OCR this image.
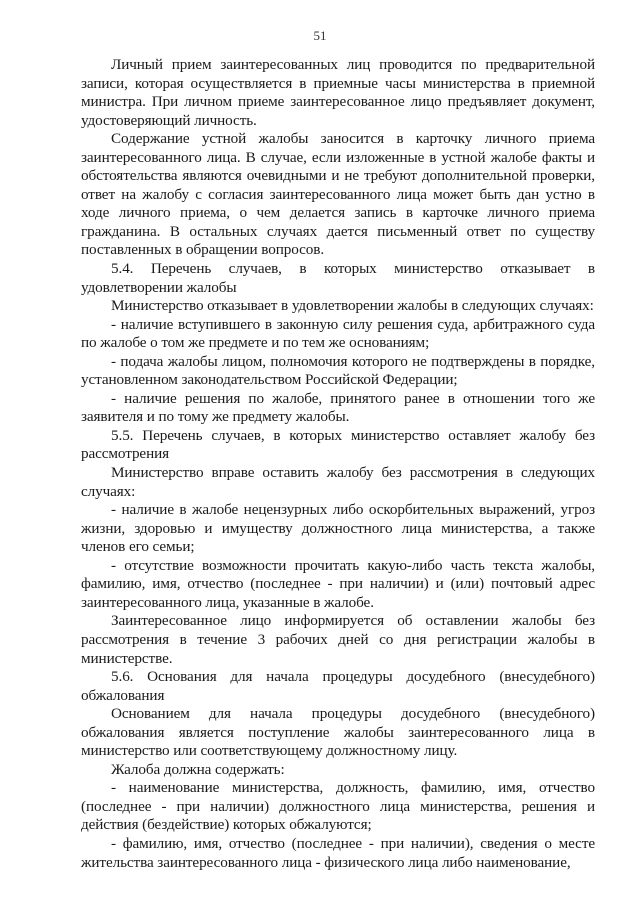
51

Личный прием заинтересованных лиц проводится по предварительной записи, которая осуществляется в приемные часы министерства в приемной министра. При личном приеме заинтересованное лицо предъявляет документ, удостоверяющий личность.

Содержание устной жалобы заносится в карточку личного приема заинтересованного лица. В случае, если изложенные в устной жалобе факты и обстоятельства являются очевидными и не требуют дополнительной проверки, ответ на жалобу с согласия заинтересованного лица может быть дан устно в ходе личного приема, о чем делается запись в карточке личного приема гражданина. В остальных случаях дается письменный ответ по существу поставленных в обращении вопросов.

5.4. Перечень случаев, в которых министерство отказывает в удовлетворении жалобы

Министерство отказывает в удовлетворении жалобы в следующих случаях:

- наличие вступившего в законную силу решения суда, арбитражного суда по жалобе о том же предмете и по тем же основаниям;

- подача жалобы лицом, полномочия которого не подтверждены в порядке, установленном законодательством Российской Федерации;

- наличие решения по жалобе, принятого ранее в отношении того же заявителя и по тому же предмету жалобы.

5.5. Перечень случаев, в которых министерство оставляет жалобу без рассмотрения

Министерство вправе оставить жалобу без рассмотрения в следующих случаях:

- наличие в жалобе нецензурных либо оскорбительных выражений, угроз жизни, здоровью и имуществу должностного лица министерства, а также членов его семьи;

- отсутствие возможности прочитать какую-либо часть текста жалобы, фамилию, имя, отчество (последнее - при наличии) и (или) почтовый адрес заинтересованного лица, указанные в жалобе.

Заинтересованное лицо информируется об оставлении жалобы без рассмотрения в течение 3 рабочих дней со дня регистрации жалобы в министерстве.

5.6. Основания для начала процедуры досудебного (внесудебного) обжалования

Основанием для начала процедуры досудебного (внесудебного) обжалования является поступление жалобы заинтересованного лица в министерство или соответствующему должностному лицу.

Жалоба должна содержать:

- наименование министерства, должность, фамилию, имя, отчество (последнее - при наличии) должностного лица министерства, решения и действия (бездействие) которых обжалуются;

- фамилию, имя, отчество (последнее - при наличии), сведения о месте жительства заинтересованного лица - физического лица либо наименование,
